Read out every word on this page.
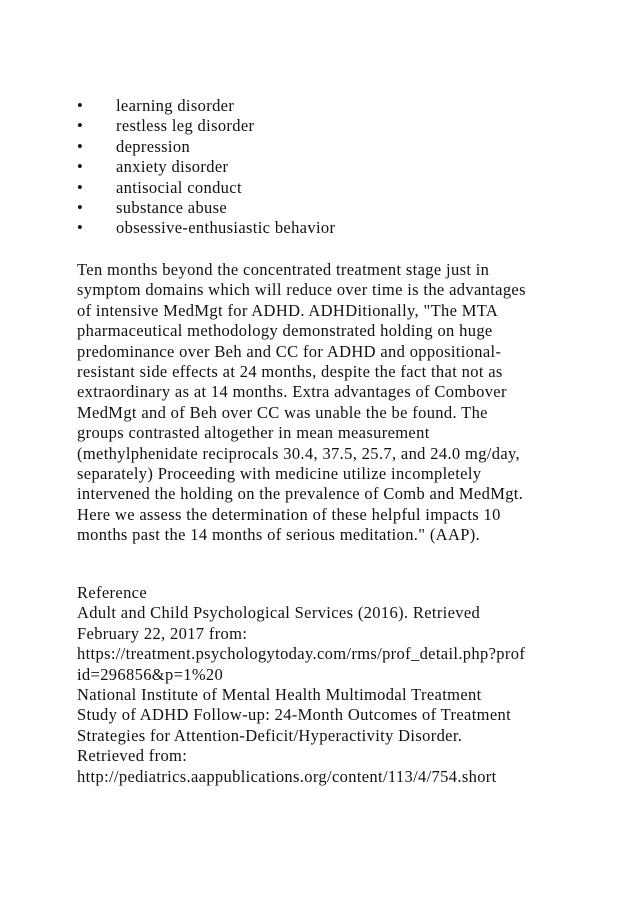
•	learning disorder
•	restless leg disorder
•	depression
•	anxiety disorder
•	antisocial conduct
•	substance abuse
•	obsessive-enthusiastic behavior

Ten months beyond the concentrated treatment stage just in
symptom domains which will reduce over time is the advantages
of intensive MedMgt for ADHD. ADHDitionally, "The MTA
pharmaceutical methodology demonstrated holding on huge
predominance over Beh and CC for ADHD and oppositional-
resistant side effects at 24 months, despite the fact that not as
extraordinary as at 14 months. Extra advantages of Combover
MedMgt and of Beh over CC was unable the be found. The
groups contrasted altogether in mean measurement
(methylphenidate reciprocals 30.4, 37.5, 25.7, and 24.0 mg/day,
separately) Proceeding with medicine utilize incompletely
intervened the holding on the prevalence of Comb and MedMgt.
Here we assess the determination of these helpful impacts 10
months past the 14 months of serious meditation." (AAP).

Reference
Adult and Child Psychological Services (2016). Retrieved
February 22, 2017 from:
https://treatment.psychologytoday.com/rms/prof_detail.php?prof
id=296856&p=1%20
National Institute of Mental Health Multimodal Treatment
Study of ADHD Follow-up: 24-Month Outcomes of Treatment
Strategies for Attention-Deficit/Hyperactivity Disorder.
Retrieved from:
http://pediatrics.aappublications.org/content/113/4/754.short
